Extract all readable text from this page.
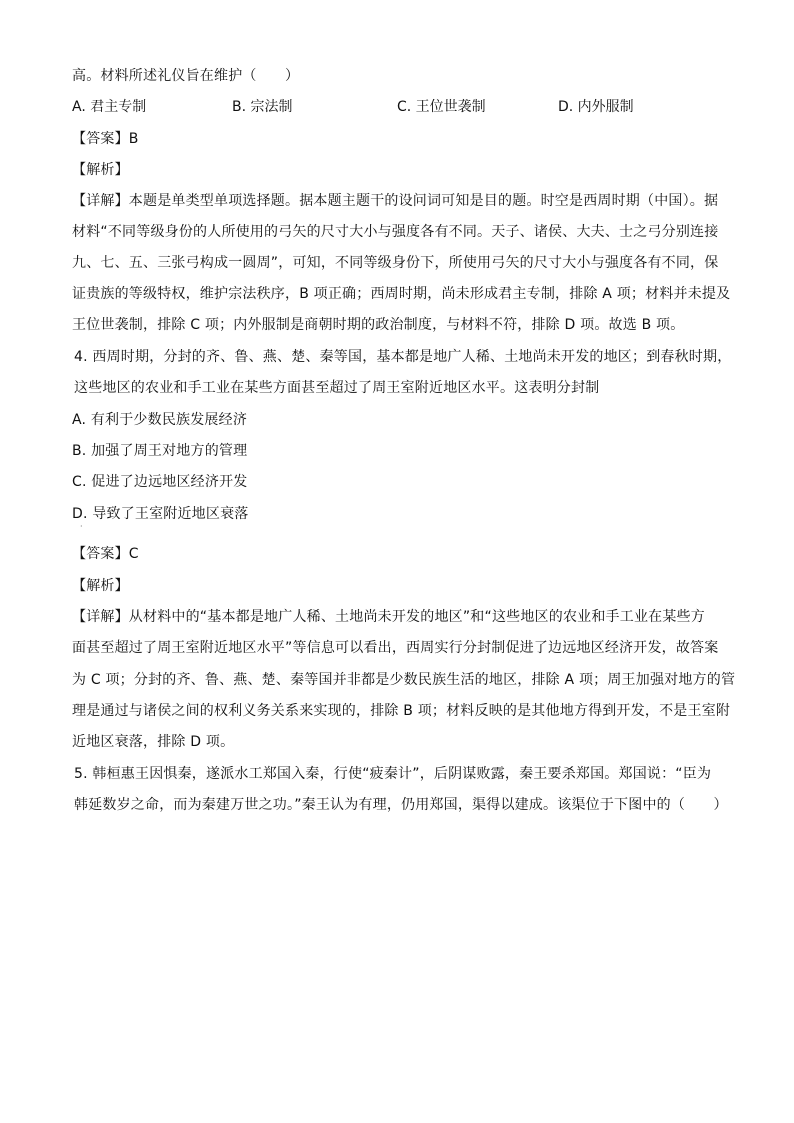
高。材料所述礼仪旨在维护（　　）
A. 君主专制	B. 宗法制	C. 王位世袭制	D. 内外服制
【答案】B
【解析】
【详解】本题是单类型单项选择题。据本题主题干的设问词可知是目的题。时空是西周时期（中国）。据
材料“不同等级身份的人所使用的弓矢的尺寸大小与强度各有不同。天子、诸侯、大夫、士之弓分别连接
九、七、五、三张弓构成一圆周”，可知，不同等级身份下，所使用弓矢的尺寸大小与强度各有不同，保
证贵族的等级特权，维护宗法秩序，B 项正确；西周时期，尚未形成君主专制，排除 A 项；材料并未提及
王位世袭制，排除 C 项；内外服制是商朝时期的政治制度，与材料不符，排除 D 项。故选 B 项。
4. 西周时期，分封的齐、鲁、燕、楚、秦等国，基本都是地广人稀、土地尚未开发的地区；到春秋时期，
这些地区的农业和手工业在某些方面甚至超过了周王室附近地区水平。这表明分封制
A. 有利于少数民族发展经济
B. 加强了周王对地方的管理
C. 促进了边远地区经济开发
D. 导致了王室附近地区衰落
·
【答案】C
【解析】
【详解】从材料中的“基本都是地广人稀、土地尚未开发的地区”和“这些地区的农业和手工业在某些方
面甚至超过了周王室附近地区水平”等信息可以看出，西周实行分封制促进了边远地区经济开发，故答案
为 C 项；分封的齐、鲁、燕、楚、秦等国并非都是少数民族生活的地区，排除 A 项；周王加强对地方的管
理是通过与诸侯之间的权利义务关系来实现的，排除 B 项；材料反映的是其他地方得到开发，不是王室附
近地区衰落，排除 D 项。
5. 韩桓惠王因惧秦，遂派水工郑国入秦，行使“疲秦计”，后阴谋败露，秦王要杀郑国。郑国说：“臣为
韩延数岁之命，而为秦建万世之功。”秦王认为有理，仍用郑国，渠得以建成。该渠位于下图中的（　　）
